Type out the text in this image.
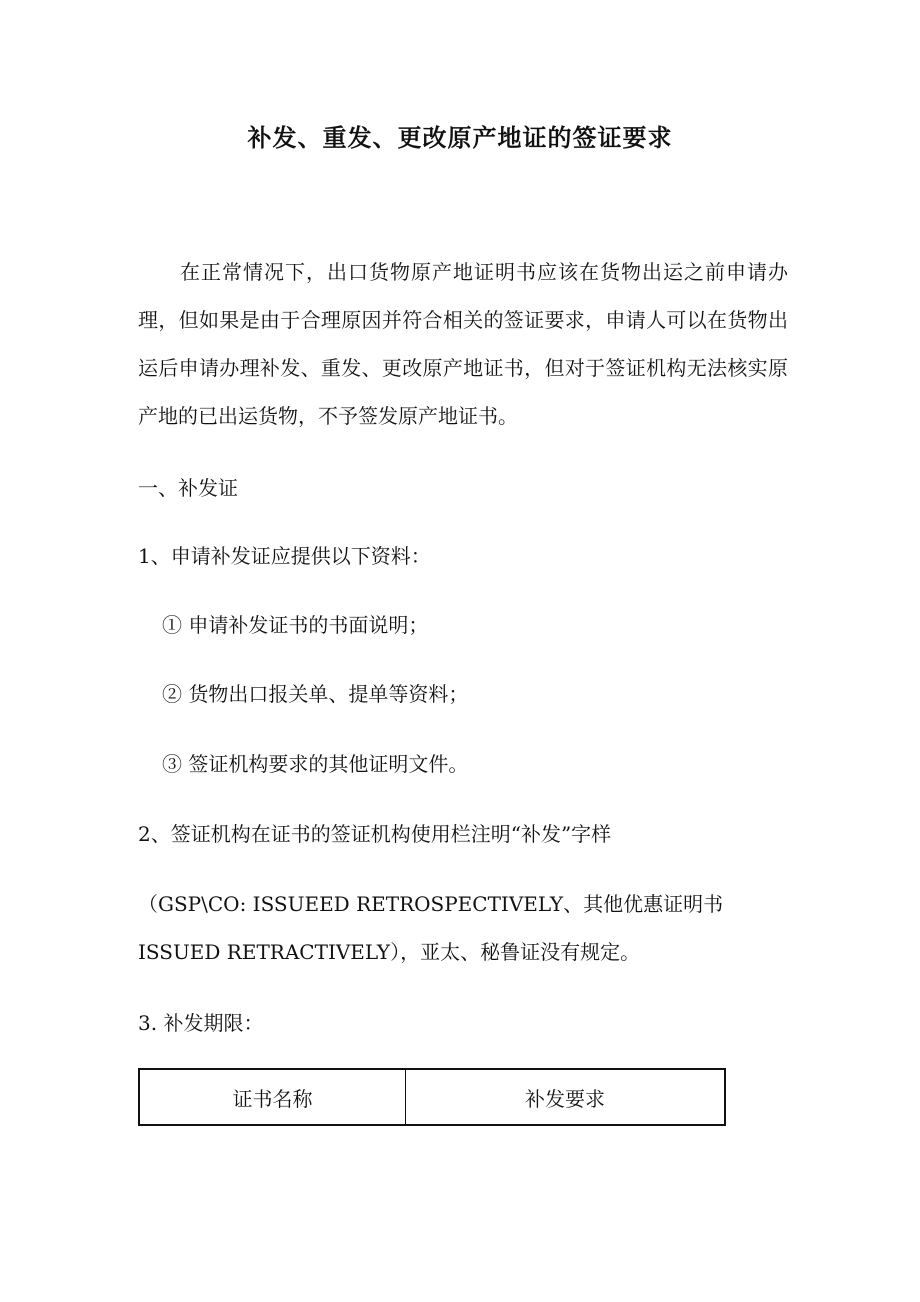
补发、重发、更改原产地证的签证要求

在正常情况下，出口货物原产地证明书应该在货物出运之前申请办理，但如果是由于合理原因并符合相关的签证要求，申请人可以在货物出运后申请办理补发、重发、更改原产地证书，但对于签证机构无法核实原产地的已出运货物，不予签发原产地证书。

一、补发证
1、申请补发证应提供以下资料：
① 申请补发证书的书面说明；
② 货物出口报关单、提单等资料；
③ 签证机构要求的其他证明文件。
2、签证机构在证书的签证机构使用栏注明“补发”字样
（GSP\CO: ISSUEED RETROSPECTIVELY、其他优惠证明书
ISSUED RETRACTIVELY），亚太、秘鲁证没有规定。
3. 补发期限：
证书名称	补发要求
